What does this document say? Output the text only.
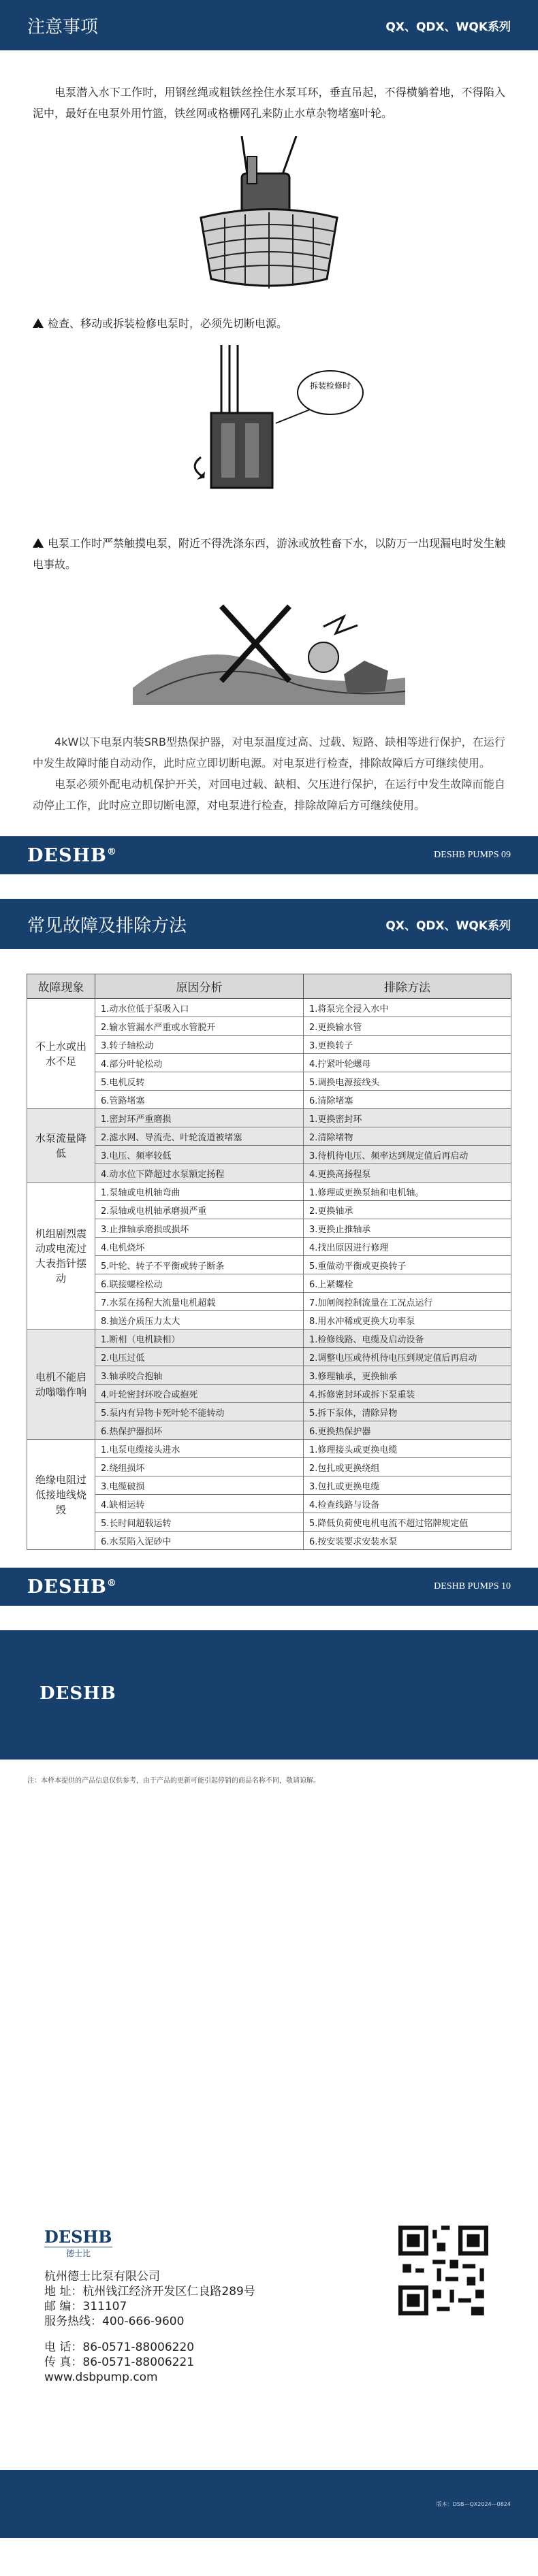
注意事项	QX、QDX、WQK系列

电泵潜入水下工作时，用钢丝绳或粗铁丝拴住水泵耳环，垂直吊起，不得横躺着地，不得陷入泥中，最好在电泵外用竹篮，铁丝网或格栅网孔来防止水草杂物堵塞叶轮。

!检查、移动或拆装检修电泵时，必须先切断电源。

拆装检修时

!电泵工作时严禁触摸电泵，附近不得洗涤东西，游泳或放牲畜下水，以防万一出现漏电时发生触电事故。

4kW以下电泵内装SRB型热保护器，对电泵温度过高、过载、短路、缺相等进行保护，在运行中发生故障时能自动动作，此时应立即切断电源。对电泵进行检查，排除故障后方可继续使用。

电泵必须外配电动机保护开关，对回电过载、缺相、欠压进行保护，在运行中发生故障而能自动停止工作，此时应立即切断电源，对电泵进行检查，排除故障后方可继续使用。

DESHB®	DESHB PUMPS 09
常见故障及排除方法	QX、QDX、WQK系列
故障现象	原因分析	排除方法
不上水或出水不足	1.动水位低于泵吸入口	1.将泵完全浸入水中
	2.输水管漏水严重或水管脱开	2.更换输水管
	3.转子轴松动	3.更换转子
	4.部分叶轮松动	4.拧紧叶轮螺母
	5.电机反转	5.调换电源接线头
	6.管路堵塞	6.清除堵塞
水泵流量降低	1.密封环严重磨损	1.更换密封环
	2.滤水网、导流壳、叶轮流道被堵塞	2.清除堵物
	3.电压、频率较低	3.待机待电压、频率达到规定值后再启动
	4.动水位下降超过水泵额定扬程	4.更换高扬程泵
机组剧烈震动或电流过大表指针摆动	1.泵轴或电机轴弯曲	1.修理或更换泵轴和电机轴。
	2.泵轴或电机轴承磨损严重	2.更换轴承
	3.止推轴承磨损或损坏	3.更换止推轴承
	4.电机烧坏	4.找出原因进行修理
	5.叶轮、转子不平衡或转子断条	5.重做动平衡或更换转子
	6.联接螺栓松动	6.上紧螺栓
	7.水泵在扬程大流量电机超载	7.加闸阀控制流量在工况点运行
	8.抽送介质压力太大	8.用水冲稀或更换大功率泵
电机不能启动嗡嗡作响	1.断相（电机缺相）	1.检修线路、电缆及启动设备
	2.电压过低	2.调整电压或待机待电压到规定值后再启动
	3.轴承咬合抱轴	3.修理轴承，更换轴承
	4.叶轮密封环咬合或抱死	4.拆修密封环或拆下泵重装
	5.泵内有异物卡死叶轮不能转动	5.拆下泵体，清除异物
	6.热保护器损坏	6.更换热保护器
绝缘电阻过低接地线烧毁	1.电泵电缆接头进水	1.修理接头或更换电缆
	2.绕组损坏	2.包扎或更换绕组
	3.电缆破损	3.包扎或更换电缆
	4.缺相运转	4.检查线路与设备
	5.长时间超载运转	5.降低负荷使电机电流不超过铭牌规定值
	6.水泵陷入泥砂中	6.按安装要求安装水泵
DESHB®	DESHB PUMPS 10
DESHB

注：本样本提供的产品信息仅供参考，由于产品的更新可能引起停销的商品名称不同，敬请谅解。

DESHB
德士比
杭州德士比泵有限公司
地 址：杭州钱江经济开发区仁良路289号
邮 编：311107
服务热线：400-666-9600
电 话：86-0571-88006220
传 真：86-0571-88006221
www.dsbpump.com
版本：DSB—QX2024—0824
